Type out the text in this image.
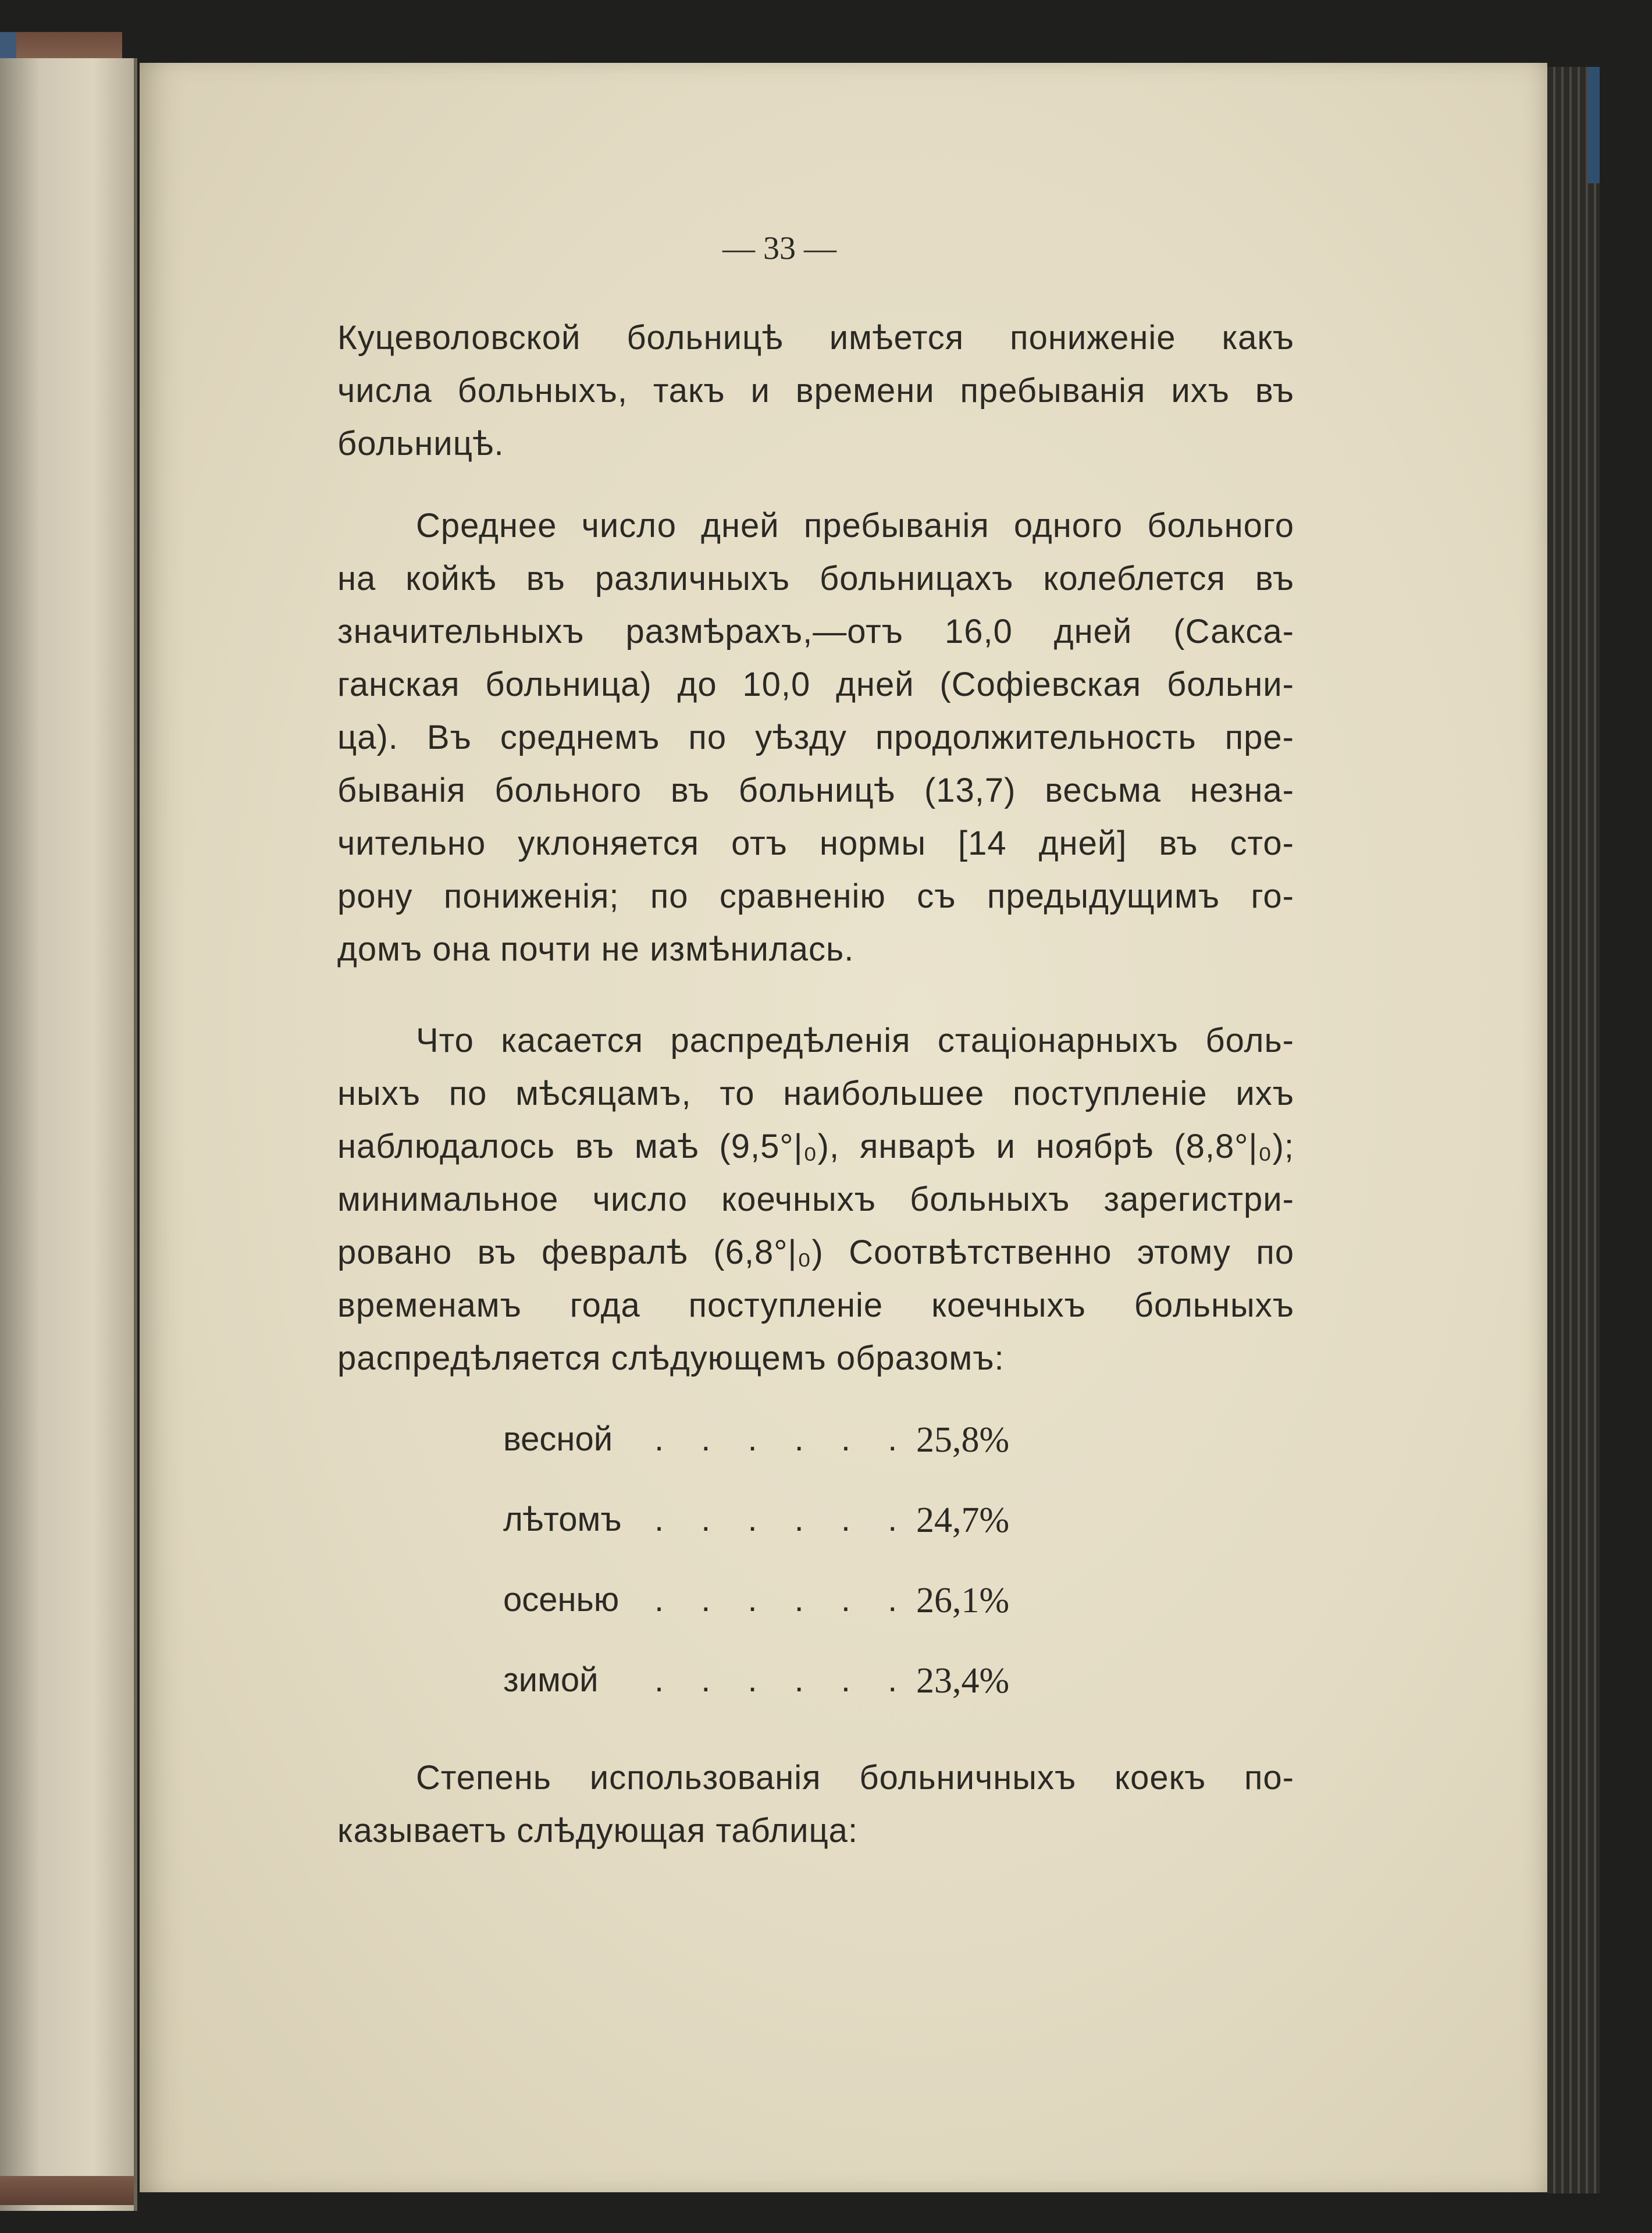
— 33 —
Куцеволовской больницѣ имѣется пониженіе какъ
числа больныхъ, такъ и времени пребыванія ихъ въ
больницѣ.
Среднее число дней пребыванія одного больного
на койкѣ въ различныхъ больницахъ колеблется въ
значительныхъ размѣрахъ,—отъ 16,0 дней (Сакса-
ганская больница) до 10,0 дней (Софіевская больни-
ца). Въ среднемъ по уѣзду продолжительность пре-
быванія больного въ больницѣ (13,7) весьма незна-
чительно уклоняется отъ нормы [14 дней] въ сто-
рону пониженія; по сравненію съ предыдущимъ го-
домъ она почти не измѣнилась.
Что касается распредѣленія стаціонарныхъ боль-
ныхъ по мѣсяцамъ, то наибольшее поступленіе ихъ
наблюдалось въ маѣ (9,5°|₀), январѣ и ноябрѣ (8,8°|₀);
минимальное число коечныхъ больныхъ зарегистри-
ровано въ февралѣ (6,8°|₀) Соотвѣтственно этому по
временамъ года поступленіе коечныхъ больныхъ
распредѣляется слѣдующемъ образомъ:
весной . . . . . . 25,8%
лѣтомъ . . . . . . 24,7%
осенью . . . . . . 26,1%
зимой . . . . . . 23,4%
Степень использованія больничныхъ коекъ по-
казываетъ слѣдующая таблица:
